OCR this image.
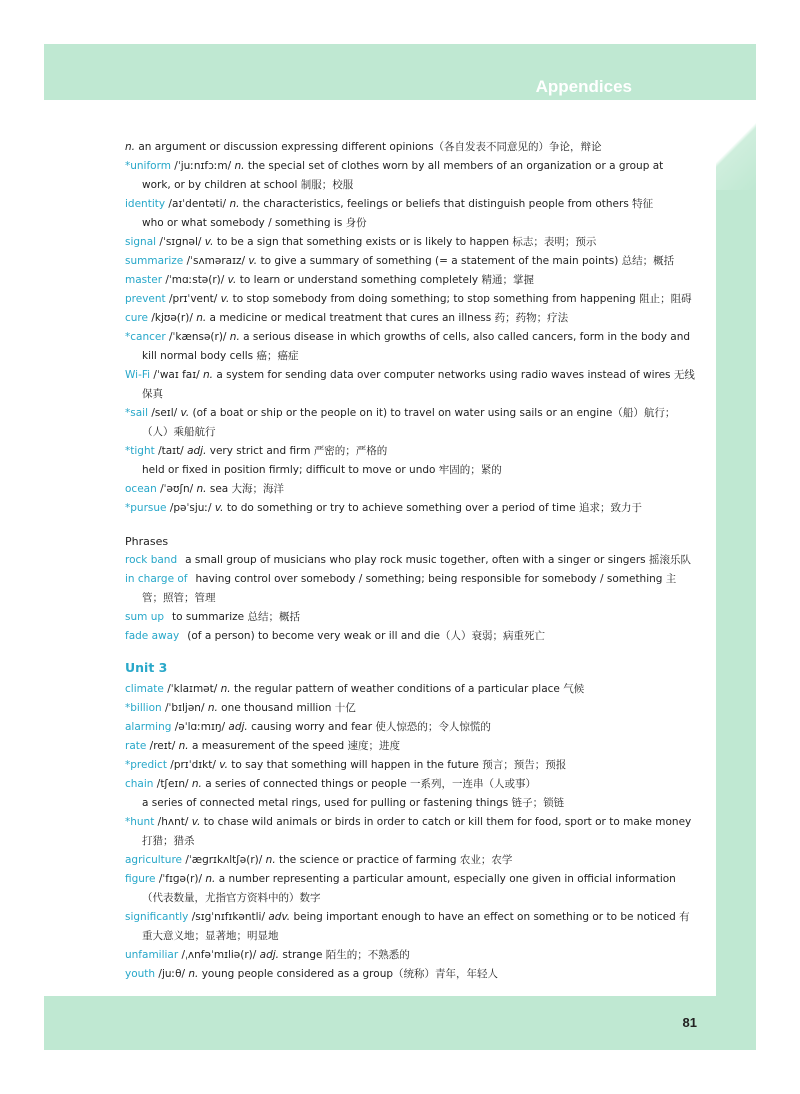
Appendices
81
n. an argument or discussion expressing different opinions（各自发表不同意见的）争论，辩论
*uniform /ˈjuːnɪfɔːm/ n. the special set of clothes worn by all members of an organization or a group at work, or by children at school 制服；校服
identity /aɪˈdentəti/ n. the characteristics, feelings or beliefs that distinguish people from others 特征
who or what somebody / something is 身份
signal /ˈsɪɡnəl/ v. to be a sign that something exists or is likely to happen 标志；表明；预示
summarize /ˈsʌməraɪz/ v. to give a summary of something (= a statement of the main points) 总结；概括
master /ˈmɑːstə(r)/ v. to learn or understand something completely 精通；掌握
prevent /prɪˈvent/ v. to stop somebody from doing something; to stop something from happening 阻止；阻碍
cure /kjʊə(r)/ n. a medicine or medical treatment that cures an illness 药；药物；疗法
*cancer /ˈkænsə(r)/ n. a serious disease in which growths of cells, also called cancers, form in the body and kill normal body cells 癌；癌症
Wi-Fi /ˈwaɪ faɪ/ n. a system for sending data over computer networks using radio waves instead of wires 无线保真
*sail /seɪl/ v. (of a boat or ship or the people on it) to travel on water using sails or an engine（船）航行；（人）乘船航行
*tight /taɪt/ adj. very strict and firm 严密的；严格的
held or fixed in position firmly; difficult to move or undo 牢固的；紧的
ocean /ˈəʊʃn/ n. sea 大海；海洋
*pursue /pəˈsjuː/ v. to do something or try to achieve something over a period of time 追求；致力于
Phrases
rock band a small group of musicians who play rock music together, often with a singer or singers 摇滚乐队
in charge of having control over somebody / something; being responsible for somebody / something 主管；照管；管理
sum up to summarize 总结；概括
fade away (of a person) to become very weak or ill and die（人）衰弱；病重死亡
Unit 3
climate /ˈklaɪmət/ n. the regular pattern of weather conditions of a particular place 气候
*billion /ˈbɪljən/ n. one thousand million 十亿
alarming /əˈlɑːmɪŋ/ adj. causing worry and fear 使人惊恐的；令人惊慌的
rate /reɪt/ n. a measurement of the speed 速度；进度
*predict /prɪˈdɪkt/ v. to say that something will happen in the future 预言；预告；预报
chain /tʃeɪn/ n. a series of connected things or people 一系列，一连串（人或事）
a series of connected metal rings, used for pulling or fastening things 链子；锁链
*hunt /hʌnt/ v. to chase wild animals or birds in order to catch or kill them for food, sport or to make money 打猎；猎杀
agriculture /ˈæɡrɪkʌltʃə(r)/ n. the science or practice of farming 农业；农学
figure /ˈfɪɡə(r)/ n. a number representing a particular amount, especially one given in official information（代表数量，尤指官方资料中的）数字
significantly /sɪɡˈnɪfɪkəntli/ adv. being important enough to have an effect on something or to be noticed 有重大意义地；显著地；明显地
unfamiliar /ˌʌnfəˈmɪliə(r)/ adj. strange 陌生的；不熟悉的
youth /juːθ/ n. young people considered as a group（统称）青年，年轻人
